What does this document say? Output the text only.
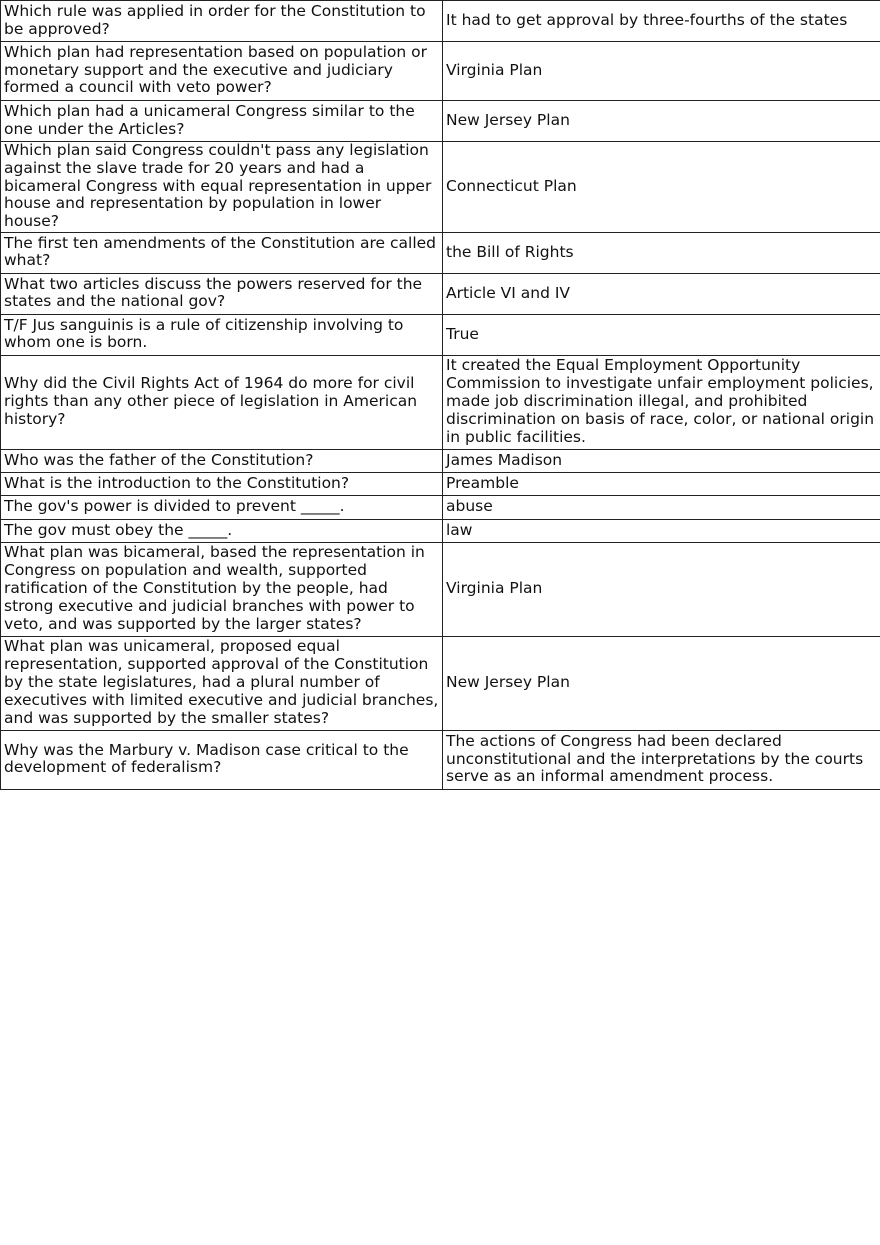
Which rule was applied in order for the Constitution to be approved?	It had to get approval by three-fourths of the states
Which plan had representation based on population or monetary support and the executive and judiciary formed a council with veto power?	Virginia Plan
Which plan had a unicameral Congress similar to the one under the Articles?	New Jersey Plan
Which plan said Congress couldn't pass any legislation against the slave trade for 20 years and had a bicameral Congress with equal representation in upper house and representation by population in lower house?	Connecticut Plan
The first ten amendments of the Constitution are called what?	the Bill of Rights
What two articles discuss the powers reserved for the states and the national gov?	Article VI and IV
T/F Jus sanguinis is a rule of citizenship involving to whom one is born.	True
Why did the Civil Rights Act of 1964 do more for civil rights than any other piece of legislation in American history?	It created the Equal Employment Opportunity Commission to investigate unfair employment policies, made job discrimination illegal, and prohibited discrimination on basis of race, color, or national origin in public facilities.
Who was the father of the Constitution?	James Madison
What is the introduction to the Constitution?	Preamble
The gov's power is divided to prevent _____.	abuse
The gov must obey the _____.	law
What plan was bicameral, based the representation in Congress on population and wealth, supported ratification of the Constitution by the people, had strong executive and judicial branches with power to veto, and was supported by the larger states?	Virginia Plan
What plan was unicameral, proposed equal representation, supported approval of the Constitution by the state legislatures, had a plural number of executives with limited executive and judicial branches, and was supported by the smaller states?	New Jersey Plan
Why was the Marbury v. Madison case critical to the development of federalism?	The actions of Congress had been declared unconstitutional and the interpretations by the courts serve as an informal amendment process.
